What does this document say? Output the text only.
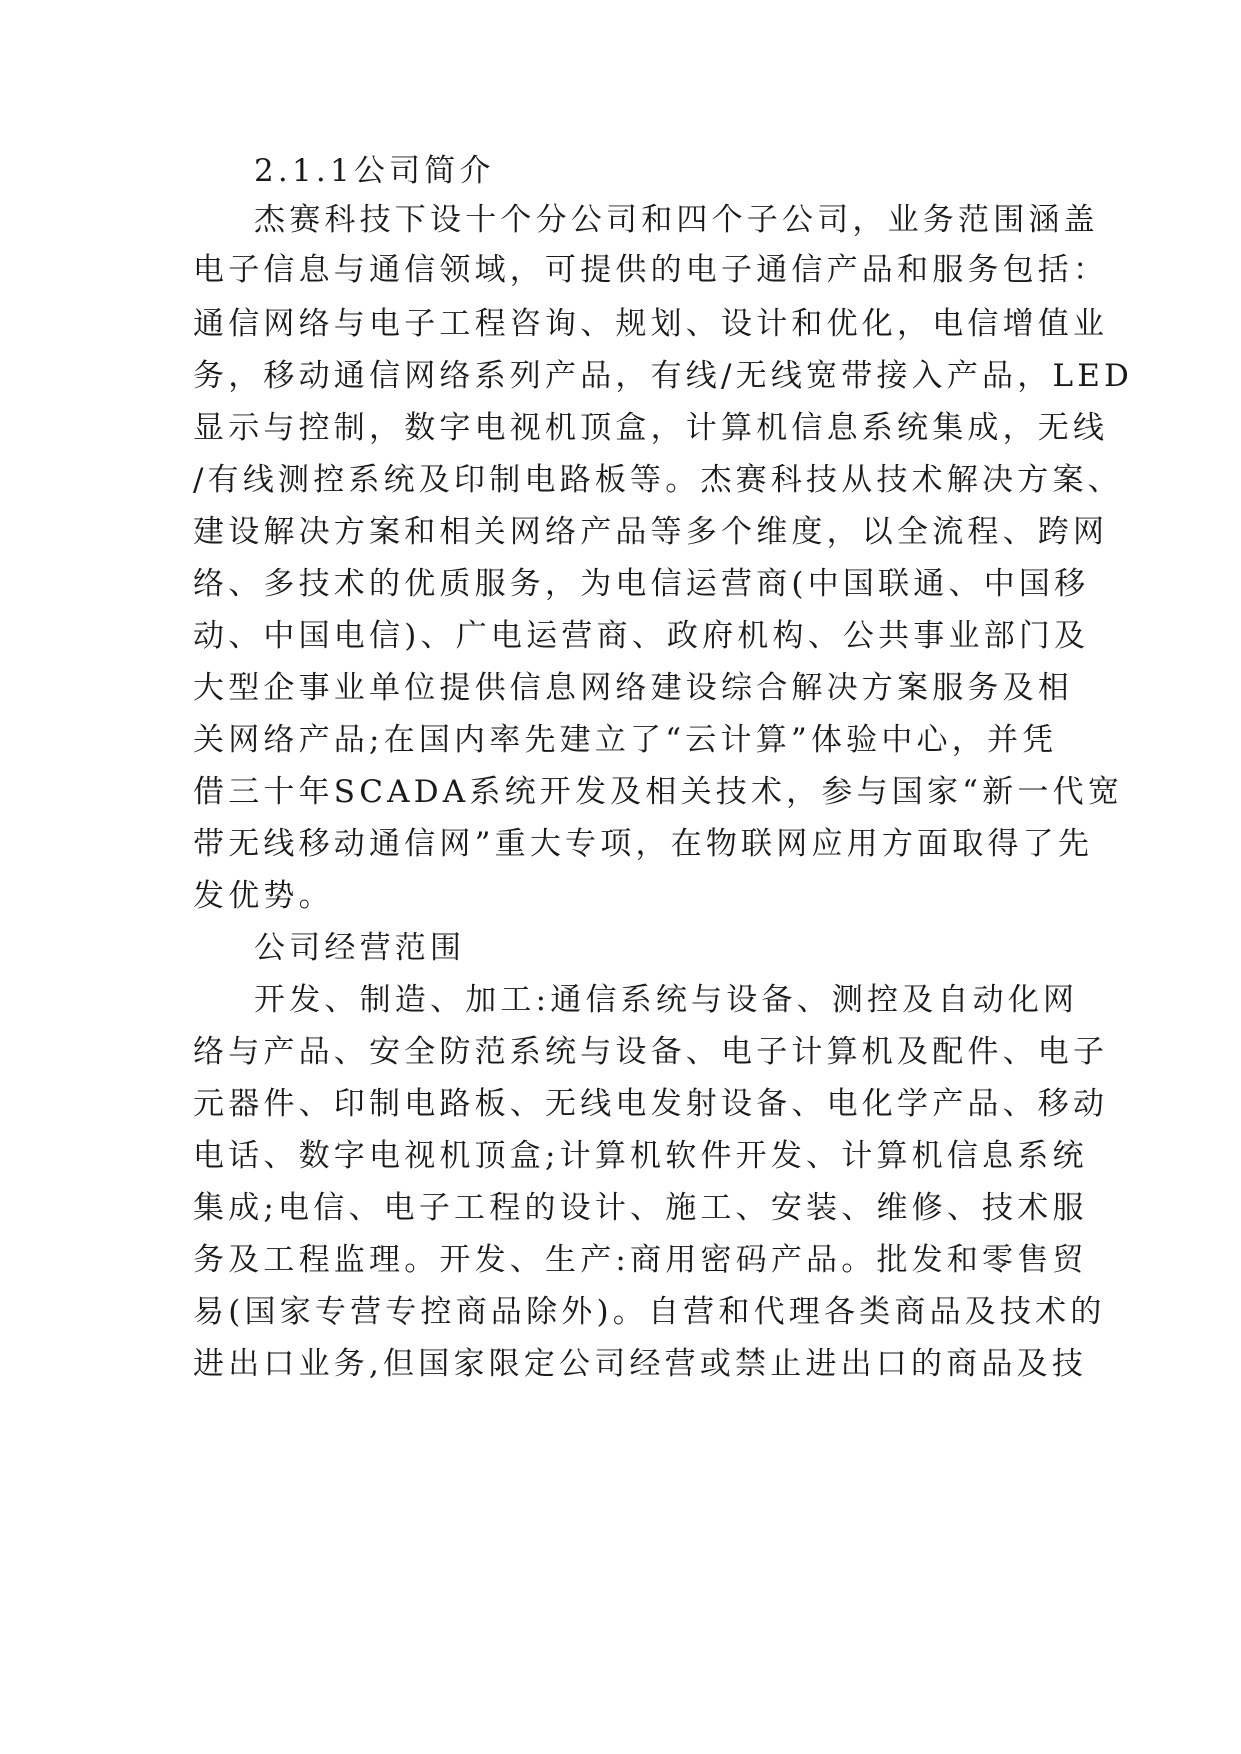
2.1.1公司简介

杰赛科技下设十个分公司和四个子公司，业务范围涵盖

电子信息与通信领域，可提供的电子通信产品和服务包括：

通信网络与电子工程咨询、规划、设计和优化，电信增值业

务，移动通信网络系列产品，有线/无线宽带接入产品，LED

显示与控制，数字电视机顶盒，计算机信息系统集成，无线

/有线测控系统及印制电路板等。杰赛科技从技术解决方案、

建设解决方案和相关网络产品等多个维度，以全流程、跨网

络、多技术的优质服务，为电信运营商(中国联通、中国移

动、中国电信)、广电运营商、政府机构、公共事业部门及

大型企事业单位提供信息网络建设综合解决方案服务及相

关网络产品;在国内率先建立了“云计算”体验中心，并凭

借三十年SCADA系统开发及相关技术，参与国家“新一代宽

带无线移动通信网”重大专项，在物联网应用方面取得了先

发优势。

公司经营范围

开发、制造、加工:通信系统与设备、测控及自动化网

络与产品、安全防范系统与设备、电子计算机及配件、电子

元器件、印制电路板、无线电发射设备、电化学产品、移动

电话、数字电视机顶盒;计算机软件开发、计算机信息系统

集成;电信、电子工程的设计、施工、安装、维修、技术服

务及工程监理。开发、生产:商用密码产品。批发和零售贸

易(国家专营专控商品除外)。自营和代理各类商品及技术的

进出口业务,但国家限定公司经营或禁止进出口的商品及技
